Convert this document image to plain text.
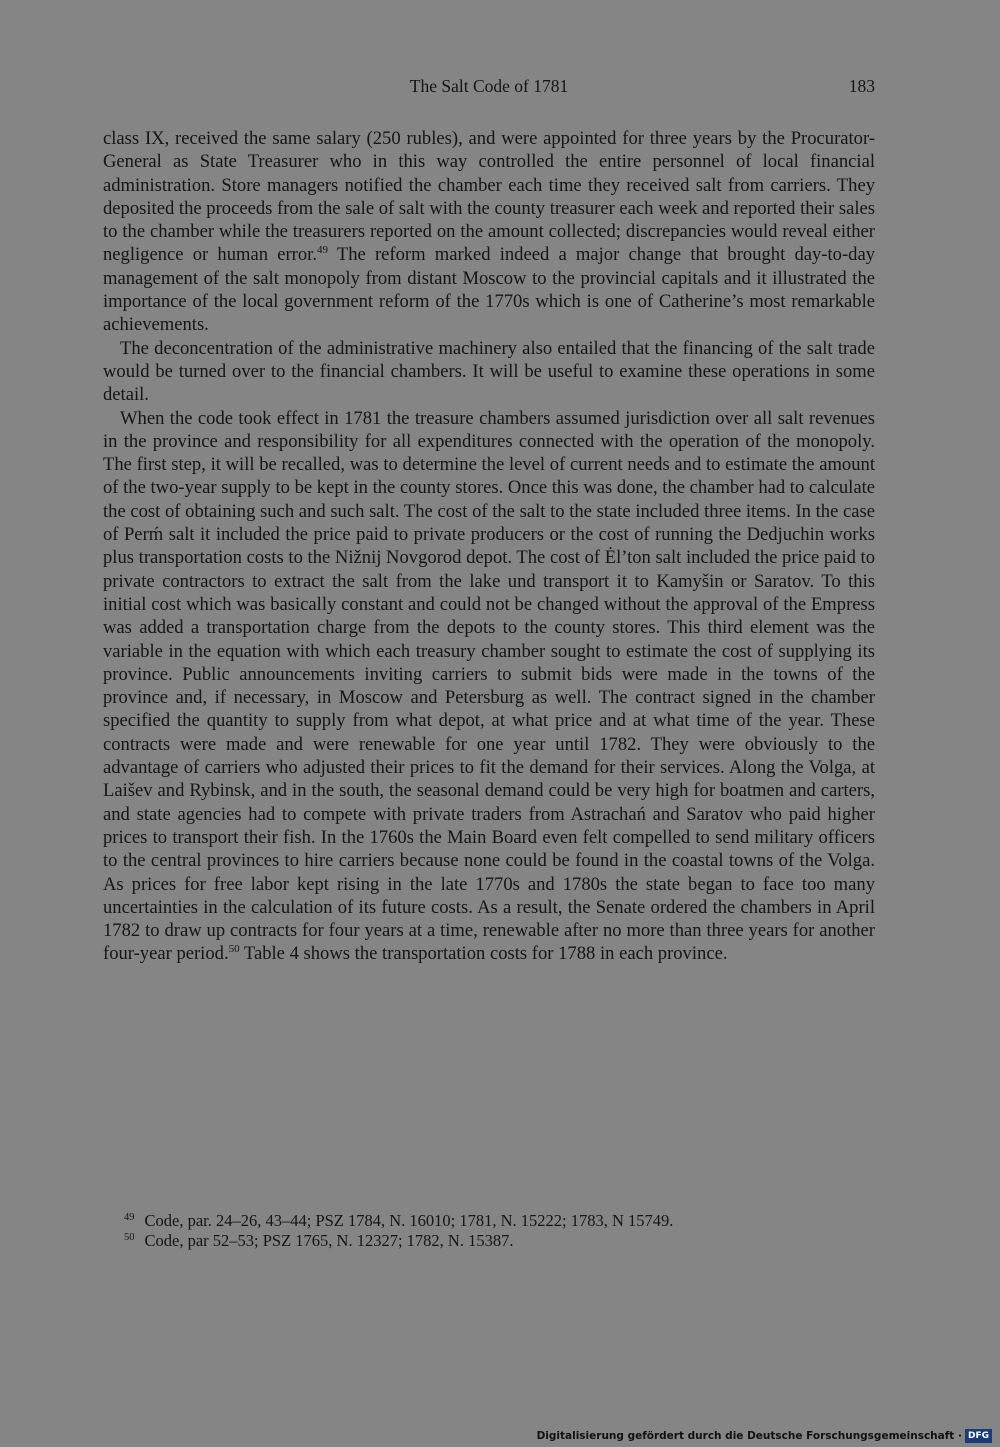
The Salt Code of 1781	183

class IX, received the same salary (250 rubles), and were appointed for three years by the Procurator-General as State Treasurer who in this way controlled the entire personnel of local financial administration. Store managers notified the chamber each time they received salt from carriers. They deposited the proceeds from the sale of salt with the county treasurer each week and reported their sales to the chamber while the treasurers reported on the amount collected; discrepancies would reveal either negligence or human error.$^{49}$ The reform marked indeed a major change that brought day-to-day management of the salt monopoly from distant Moscow to the provincial capitals and it illustrated the importance of the local government reform of the 1770s which is one of Catherine’s most remarkable achievements.

The deconcentration of the administrative machinery also entailed that the financing of the salt trade would be turned over to the financial chambers. It will be useful to examine these operations in some detail.

When the code took effect in 1781 the treasure chambers assumed jurisdiction over all salt revenues in the province and responsibility for all expenditures connected with the operation of the monopoly. The first step, it will be recalled, was to determine the level of current needs and to estimate the amount of the two-year supply to be kept in the county stores. Once this was done, the chamber had to calculate the cost of obtaining such and such salt. The cost of the salt to the state included three items. In the case of Perḿ salt it included the price paid to private producers or the cost of running the Dedjuchin works plus transportation costs to the Nižnij Novgorod depot. The cost of Ėl’ton salt included the price paid to private contractors to extract the salt from the lake und transport it to Kamyšin or Saratov. To this initial cost which was basically constant and could not be changed without the approval of the Empress was added a transportation charge from the depots to the county stores. This third element was the variable in the equation with which each treasury chamber sought to estimate the cost of supplying its province. Public announcements inviting carriers to submit bids were made in the towns of the province and, if necessary, in Moscow and Petersburg as well. The contract signed in the chamber specified the quantity to supply from what depot, at what price and at what time of the year. These contracts were made and were renewable for one year until 1782. They were obviously to the advantage of carriers who adjusted their prices to fit the demand for their services. Along the Volga, at Laišev and Rybinsk, and in the south, the seasonal demand could be very high for boatmen and carters, and state agencies had to compete with private traders from Astrachań and Saratov who paid higher prices to transport their fish. In the 1760s the Main Board even felt compelled to send military officers to the central provinces to hire carriers because none could be found in the coastal towns of the Volga. As prices for free labor kept rising in the late 1770s and 1780s the state began to face too many uncertainties in the calculation of its future costs. As a result, the Senate ordered the chambers in April 1782 to draw up contracts for four years at a time, renewable after no more than three years for another four-year period.$^{50}$ Table 4 shows the transportation costs for 1788 in each province.

$^{49}$ Code, par. 24–26, 43–44; PSZ 1784, N. 16010; 1781, N. 15222; 1783, N 15749.

$^{50}$ Code, par 52–53; PSZ 1765, N. 12327; 1782, N. 15387.

Digitalisierung gefördert durch die Deutsche Forschungsgemeinschaft · DFG
